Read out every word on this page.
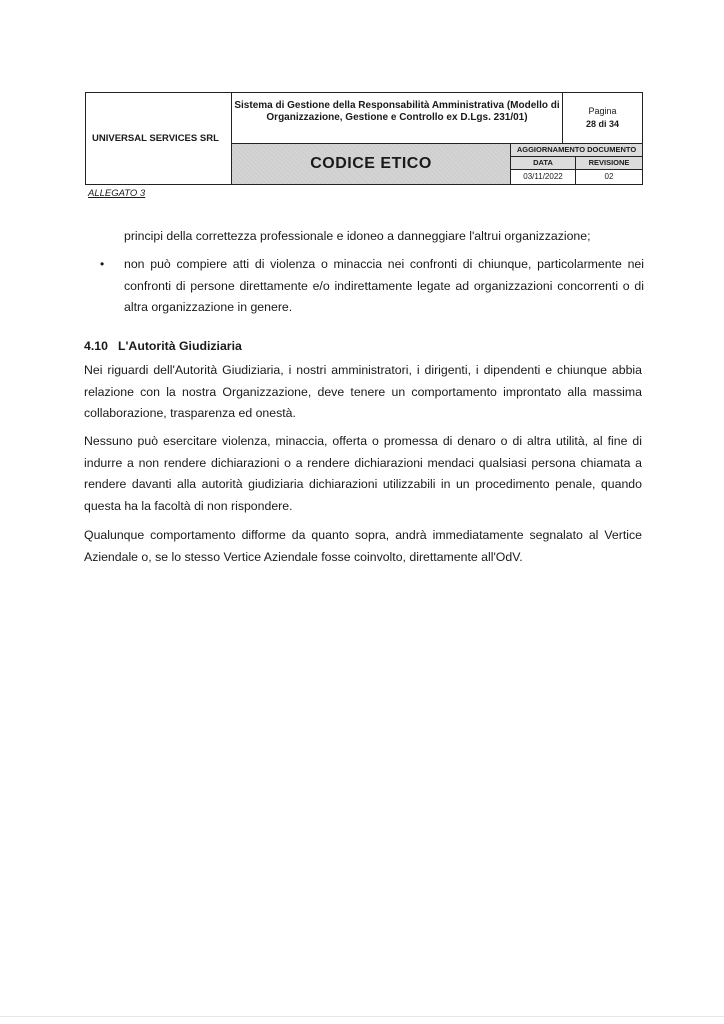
UNIVERSAL SERVICES SRL
Sistema di Gestione della Responsabilità Amministrativa (Modello di Organizzazione, Gestione e Controllo ex D.Lgs. 231/01)
Pagina
28 di 34
CODICE ETICO
AGGIORNAMENTO DOCUMENTO
DATA	REVISIONE
03/11/2022	02
ALLEGATO 3
principi della correttezza professionale e idoneo a danneggiare l'altrui organizzazione;
• non può compiere atti di violenza o minaccia nei confronti di chiunque, particolarmente nei confronti di persone direttamente e/o indirettamente legate ad organizzazioni concorrenti o di altra organizzazione in genere.
4.10 L'Autorità Giudiziaria
Nei riguardi dell'Autorità Giudiziaria, i nostri amministratori, i dirigenti, i dipendenti e chiunque abbia relazione con la nostra Organizzazione, deve tenere un comportamento improntato alla massima collaborazione, trasparenza ed onestà.
Nessuno può esercitare violenza, minaccia, offerta o promessa di denaro o di altra utilità, al fine di indurre a non rendere dichiarazioni o a rendere dichiarazioni mendaci qualsiasi persona chiamata a rendere davanti alla autorità giudiziaria dichiarazioni utilizzabili in un procedimento penale, quando questa ha la facoltà di non rispondere.
Qualunque comportamento difforme da quanto sopra, andrà immediatamente segnalato al Vertice Aziendale o, se lo stesso Vertice Aziendale fosse coinvolto, direttamente all'OdV.
